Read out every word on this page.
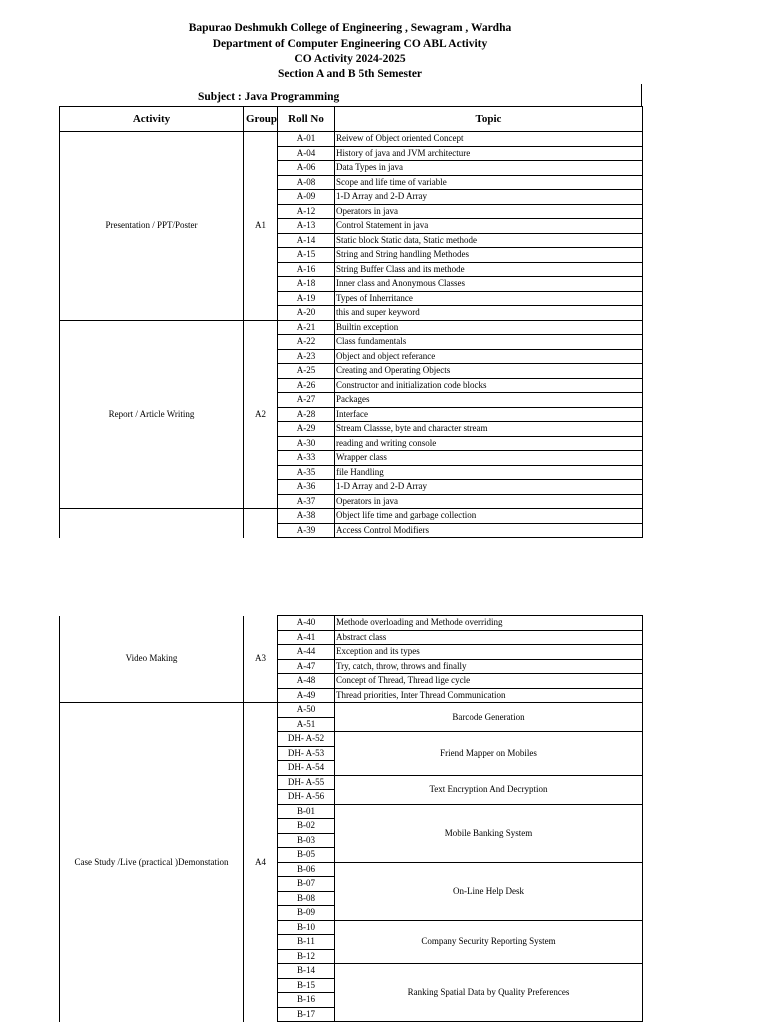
Bapurao Deshmukh College of Engineering , Sewagram , Wardha
Department of Computer Engineering CO ABL Activity
CO Activity 2024-2025
Section A and B 5th Semester
Subject : Java Programming
Activity	Group	Roll No	Topic
Presentation / PPT/Poster	A1	A-01	Reivew of Object oriented Concept
		A-04	History of java and JVM architecture
		A-06	Data Types in java
		A-08	Scope and life time of variable
		A-09	1-D Array and 2-D Array
		A-12	Operators in java
		A-13	Control Statement in java
		A-14	Static block Static data, Static methode
		A-15	String and String handling Methodes
		A-16	String Buffer Class and its methode
		A-18	Inner class and Anonymous Classes
		A-19	Types of Inherritance
		A-20	this and super keyword
Report / Article Writing	A2	A-21	Builtin exception
		A-22	Class fundamentals
		A-23	Object and object referance
		A-25	Creating and Operating Objects
		A-26	Constructor and initialization code blocks
		A-27	Packages
		A-28	Interface
		A-29	Stream Classse, byte and character stream
		A-30	reading and writing console
		A-33	Wrapper class
		A-35	file Handling
		A-36	1-D Array and 2-D Array
		A-37	Operators in java
		A-38	Object life time and garbage collection
		A-39	Access Control Modifiers
Video Making	A3	A-40	Methode overloading and Methode overriding
		A-41	Abstract class
		A-44	Exception and its types
		A-47	Try, catch, throw, throws and finally
		A-48	Concept of Thread, Thread lige cycle
		A-49	Thread priorities, Inter Thread Communication
Case Study /Live (practical )Demonstation	A4	A-50	Barcode Generation
		A-51	
		DH- A-52	Friend Mapper on Mobiles
		DH- A-53	
		DH- A-54	
		DH- A-55	Text Encryption And Decryption
		DH- A-56	
		B-01	Mobile Banking System
		B-02	
		B-03	
		B-05	
		B-06	On-Line Help Desk
		B-07	
		B-08	
		B-09	
		B-10	Company Security Reporting System
		B-11	
		B-12	
		B-14	Ranking Spatial Data by Quality Preferences
		B-15	
		B-16	
		B-17	
